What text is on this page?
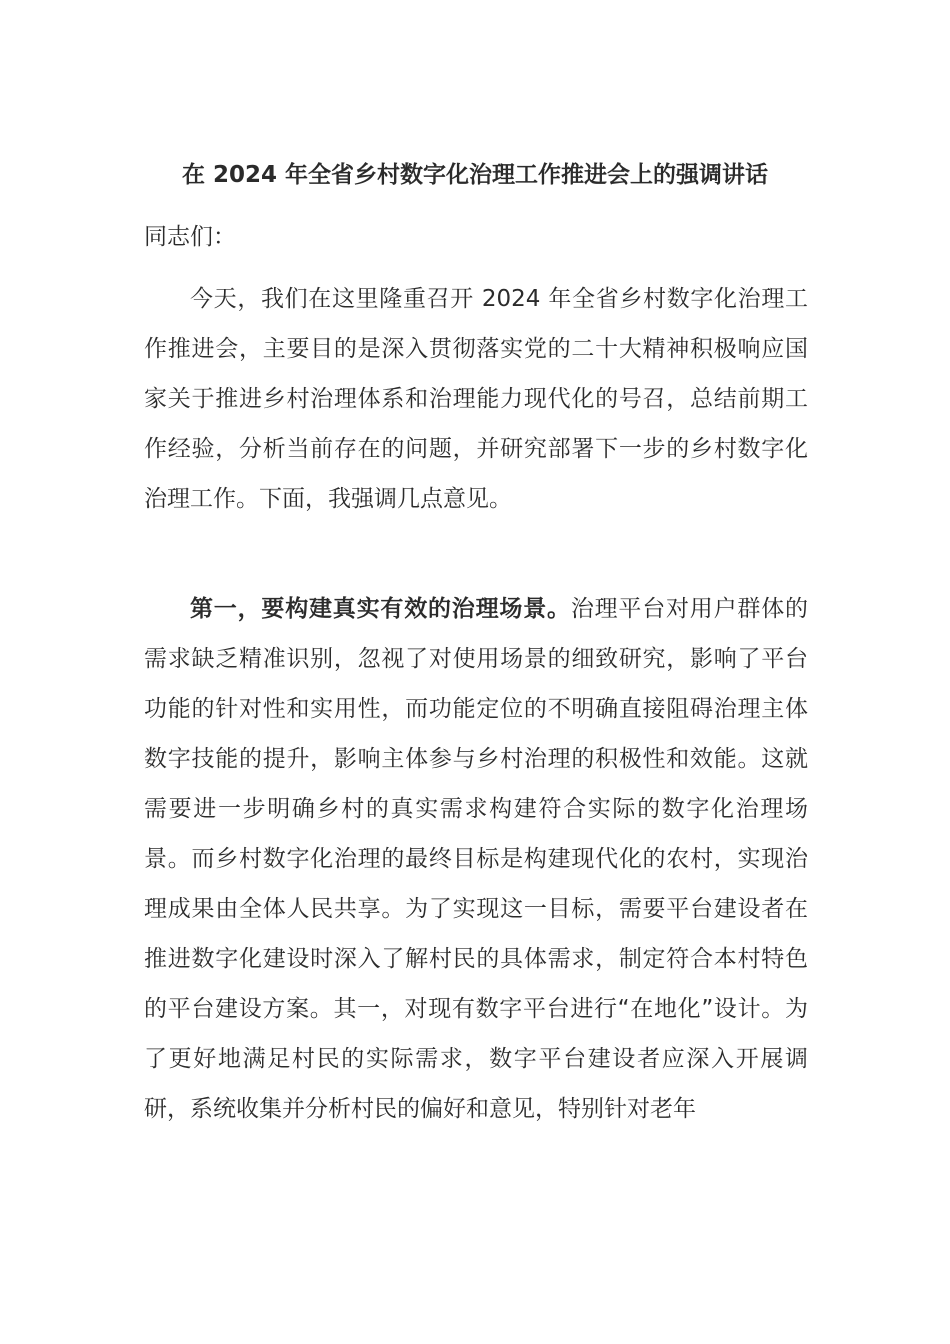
在 2024 年全省乡村数字化治理工作推进会上的强调讲话
同志们：

今天，我们在这里隆重召开 2024 年全省乡村数字化治理工作推进会，主要目的是深入贯彻落实党的二十大精神积极响应国家关于推进乡村治理体系和治理能力现代化的号召，总结前期工作经验，分析当前存在的问题，并研究部署下一步的乡村数字化治理工作。下面，我强调几点意见。

第一，要构建真实有效的治理场景。治理平台对用户群体的需求缺乏精准识别，忽视了对使用场景的细致研究，影响了平台功能的针对性和实用性，而功能定位的不明确直接阻碍治理主体数字技能的提升，影响主体参与乡村治理的积极性和效能。这就需要进一步明确乡村的真实需求构建符合实际的数字化治理场景。而乡村数字化治理的最终目标是构建现代化的农村，实现治理成果由全体人民共享。为了实现这一目标，需要平台建设者在推进数字化建设时深入了解村民的具体需求，制定符合本村特色的平台建设方案。其一，对现有数字平台进行“在地化”设计。为了更好地满足村民的实际需求，数字平台建设者应深入开展调研，系统收集并分析村民的偏好和意见，特别针对老年
